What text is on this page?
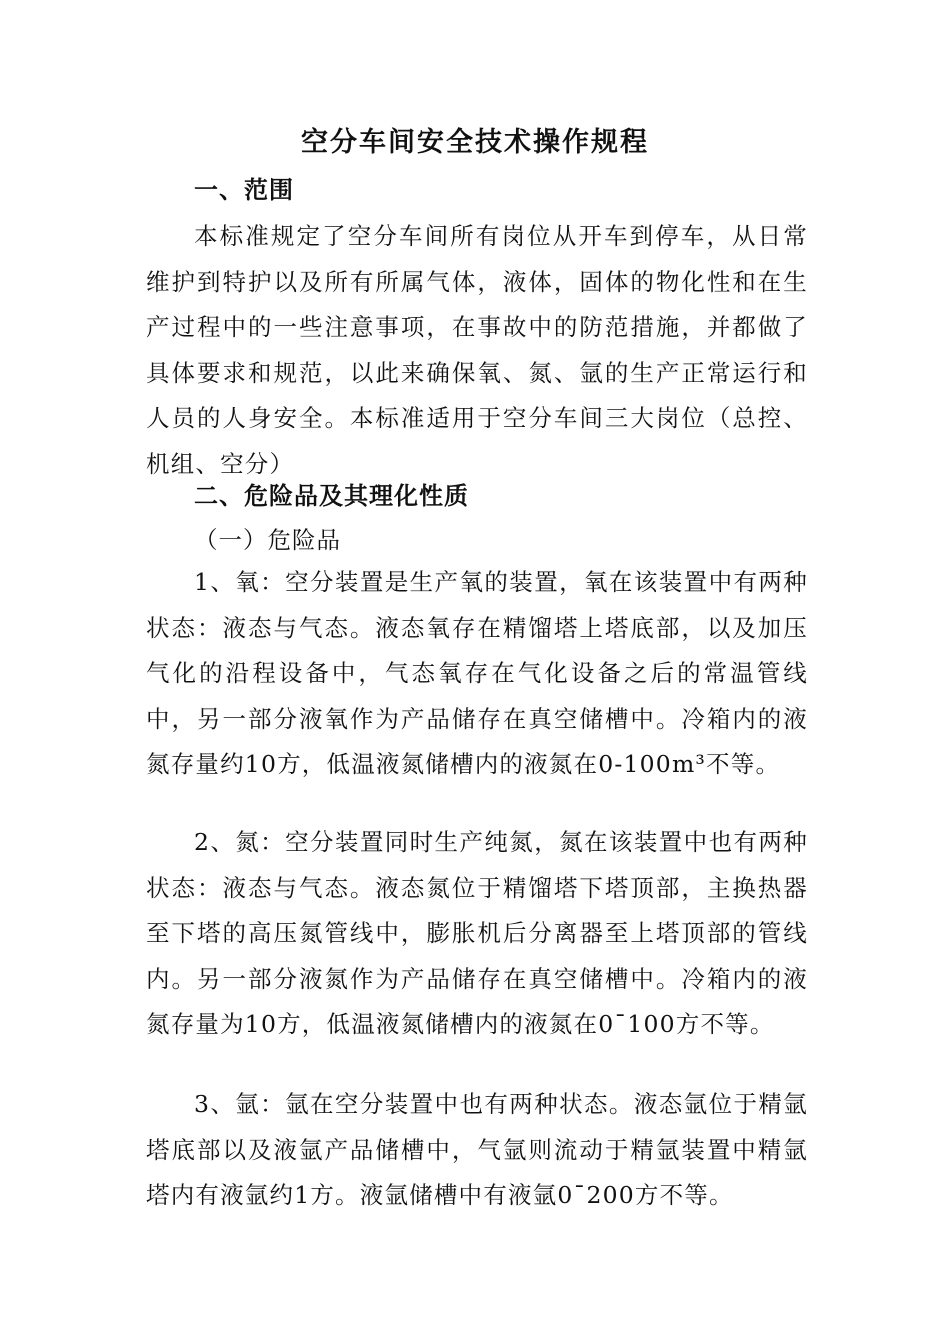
空分车间安全技术操作规程
一、范围

本标准规定了空分车间所有岗位从开车到停车，从日常维护到特护以及所有所属气体，液体，固体的物化性和在生产过程中的一些注意事项，在事故中的防范措施，并都做了具体要求和规范，以此来确保氧、氮、氩的生产正常运行和人员的人身安全。本标准适用于空分车间三大岗位（总控、机组、空分）

二、危险品及其理化性质
（一）危险品

1、氧：空分装置是生产氧的装置，氧在该装置中有两种状态：液态与气态。液态氧存在精馏塔上塔底部，以及加压气化的沿程设备中，气态氧存在气化设备之后的常温管线中，另一部分液氧作为产品储存在真空储槽中。冷箱内的液氮存量约10方，低温液氮储槽内的液氮在0-100m³不等。

2、氮：空分装置同时生产纯氮，氮在该装置中也有两种状态：液态与气态。液态氮位于精馏塔下塔顶部，主换热器至下塔的高压氮管线中，膨胀机后分离器至上塔顶部的管线内。另一部分液氮作为产品储存在真空储槽中。冷箱内的液氮存量为10方，低温液氮储槽内的液氮在0¯100方不等。

3、氩：氩在空分装置中也有两种状态。液态氩位于精氩塔底部以及液氩产品储槽中，气氩则流动于精氩装置中精氩塔内有液氩约1方。液氩储槽中有液氩0¯200方不等。
